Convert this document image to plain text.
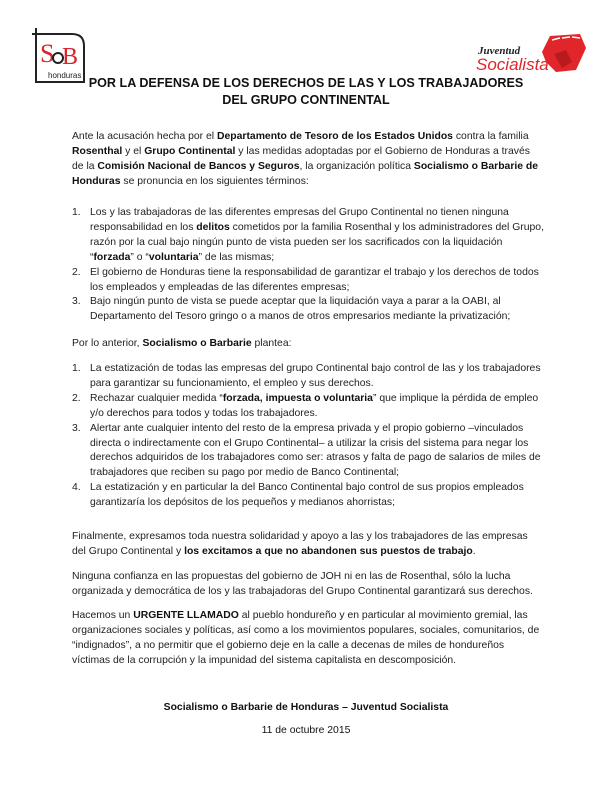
S B
honduras
Juventud
Socialista
POR LA DEFENSA DE LOS DERECHOS DE LAS Y LOS TRABAJADORES
DEL GRUPO CONTINENTAL

Ante la acusación hecha por el Departamento de Tesoro de los Estados Unidos contra la familia Rosenthal y el Grupo Continental y las medidas adoptadas por el Gobierno de Honduras a través de la Comisión Nacional de Bancos y Seguros, la organización política Socialismo o Barbarie de Honduras se pronuncia en los siguientes términos:

1. Los y las trabajadoras de las diferentes empresas del Grupo Continental no tienen ninguna responsabilidad en los delitos cometidos por la familia Rosenthal y los administradores del Grupo, razón por la cual bajo ningún punto de vista pueden ser los sacrificados con la liquidación “forzada” o “voluntaria” de las mismas;
2. El gobierno de Honduras tiene la responsabilidad de garantizar el trabajo y los derechos de todos los empleados y empleadas de las diferentes empresas;
3. Bajo ningún punto de vista se puede aceptar que la liquidación vaya a parar a la OABI, al Departamento del Tesoro gringo o a manos de otros empresarios mediante la privatización;

Por lo anterior, Socialismo o Barbarie plantea:

1. La estatización de todas las empresas del grupo Continental bajo control de las y los trabajadores para garantizar su funcionamiento, el empleo y sus derechos.
2. Rechazar cualquier medida “forzada, impuesta o voluntaria” que implique la pérdida de empleo y/o derechos para todos y todas los trabajadores.
3. Alertar ante cualquier intento del resto de la empresa privada y el propio gobierno –vinculados directa o indirectamente con el Grupo Continental– a utilizar la crisis del sistema para negar los derechos adquiridos de los trabajadores como ser: atrasos y falta de pago de salarios de miles de trabajadores que reciben su pago por medio de Banco Continental;
4. La estatización y en particular la del Banco Continental bajo control de sus propios empleados garantizaría los depósitos de los pequeños y medianos ahorristas;

Finalmente, expresamos toda nuestra solidaridad y apoyo a las y los trabajadores de las empresas del Grupo Continental y los excitamos a que no abandonen sus puestos de trabajo.

Ninguna confianza en las propuestas del gobierno de JOH ni en las de Rosenthal, sólo la lucha organizada y democrática de los y las trabajadoras del Grupo Continental garantizará sus derechos.

Hacemos un URGENTE LLAMADO al pueblo hondureño y en particular al movimiento gremial, las organizaciones sociales y políticas, así como a los movimientos populares, sociales, comunitarios, de “indignados”, a no permitir que el gobierno deje en la calle a decenas de miles de hondureños víctimas de la corrupción y la impunidad del sistema capitalista en descomposición.

Socialismo o Barbarie de Honduras – Juventud Socialista
11 de octubre 2015
